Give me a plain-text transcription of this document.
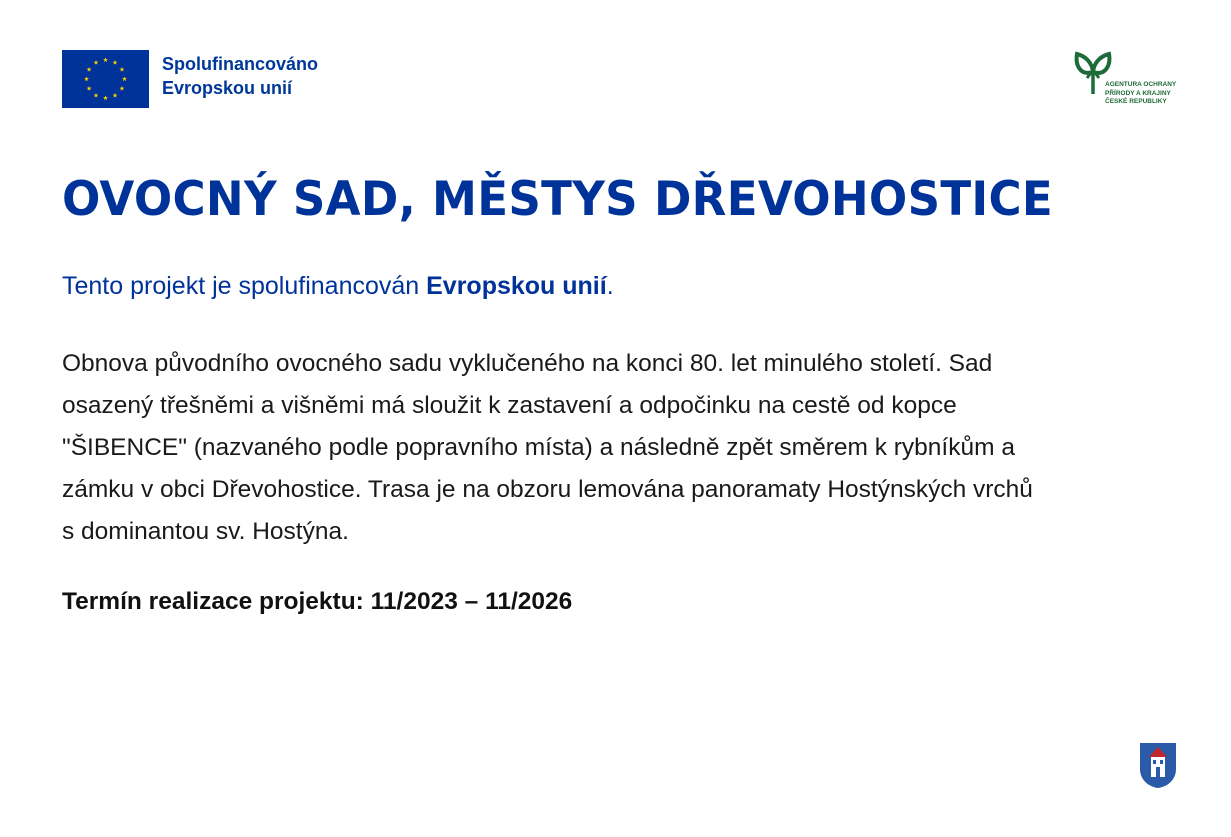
Spolufinancováno
Evropskou unií	AGENTURA OCHRANY
PŘÍRODY A KRAJINY
ČESKÉ REPUBLIKY
OVOCNÝ SAD, MĚSTYS DŘEVOHOSTICE

Tento projekt je spolufinancován Evropskou unií.

Obnova původního ovocného sadu vyklučeného na konci 80. let minulého století. Sad
osazený třešněmi a višněmi má sloužit k zastavení a odpočinku na cestě od kopce
"ŠIBENCE" (nazvaného podle popravního místa) a následně zpět směrem k rybníkům a
zámku v obci Dřevohostice. Trasa je na obzoru lemována panoramaty Hostýnských vrchů
s dominantou sv. Hostýna.

Termín realizace projektu: 11/2023 – 11/2026
